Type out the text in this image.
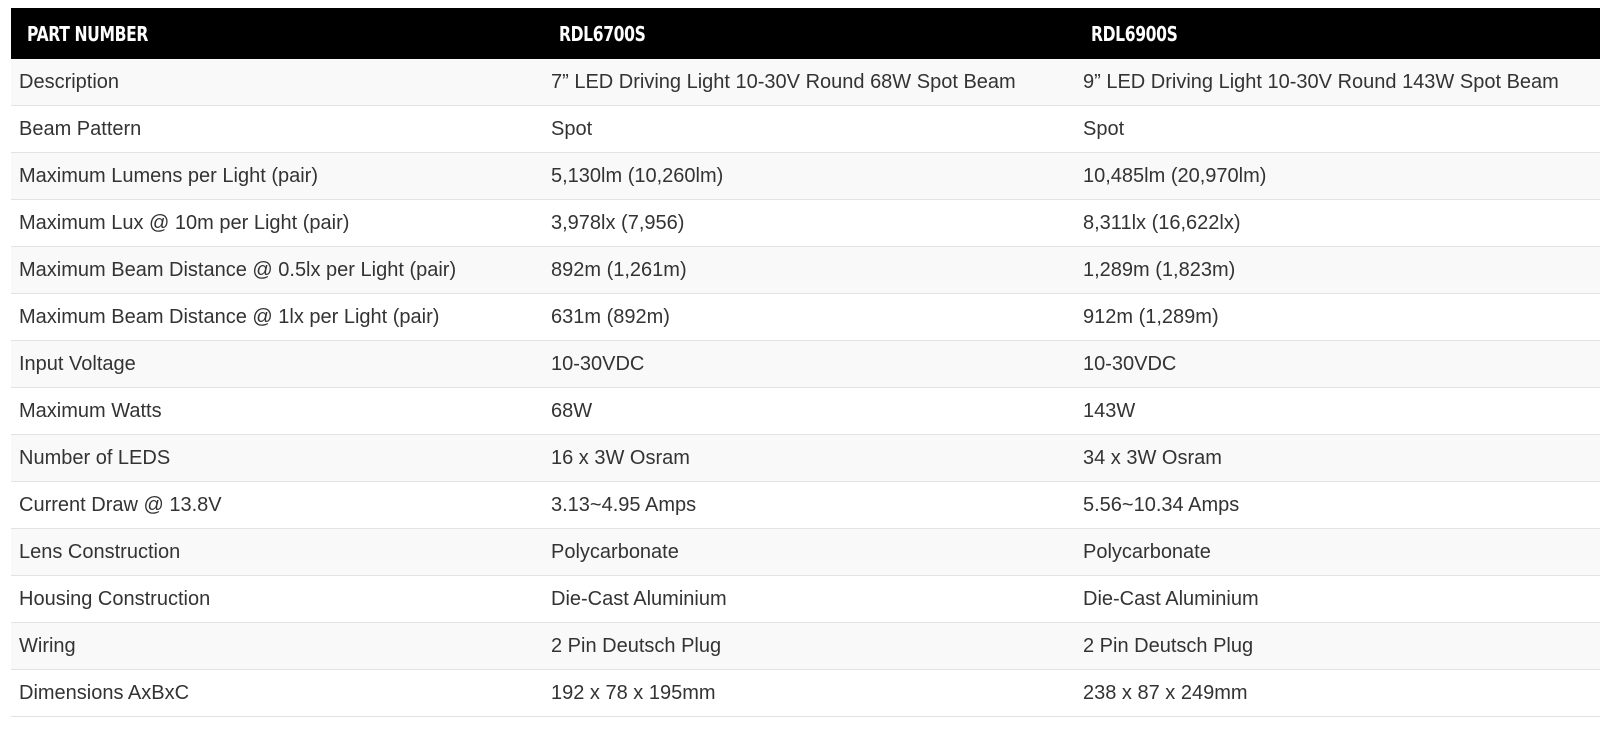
PART NUMBER	RDL6700S	RDL6900S
Description	7” LED Driving Light 10-30V Round 68W Spot Beam	9” LED Driving Light 10-30V Round 143W Spot Beam
Beam Pattern	Spot	Spot
Maximum Lumens per Light (pair)	5,130lm (10,260lm)	10,485lm (20,970lm)
Maximum Lux @ 10m per Light (pair)	3,978lx (7,956)	8,311lx (16,622lx)
Maximum Beam Distance @ 0.5lx per Light (pair)	892m (1,261m)	1,289m (1,823m)
Maximum Beam Distance @ 1lx per Light (pair)	631m (892m)	912m (1,289m)
Input Voltage	10-30VDC	10-30VDC
Maximum Watts	68W	143W
Number of LEDS	16 x 3W Osram	34 x 3W Osram
Current Draw @ 13.8V	3.13~4.95 Amps	5.56~10.34 Amps
Lens Construction	Polycarbonate	Polycarbonate
Housing Construction	Die-Cast Aluminium	Die-Cast Aluminium
Wiring	2 Pin Deutsch Plug	2 Pin Deutsch Plug
Dimensions AxBxC	192 x 78 x 195mm	238 x 87 x 249mm
